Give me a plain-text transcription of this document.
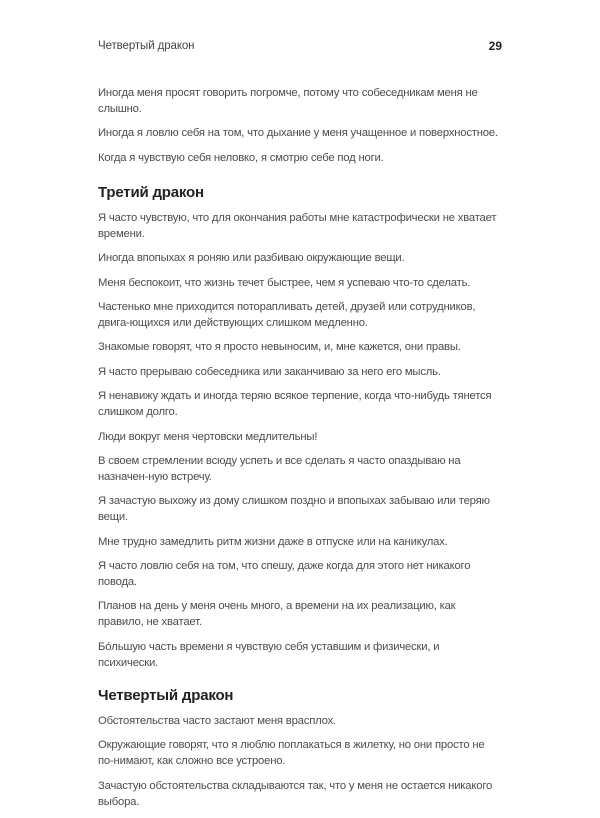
Четвертый дракон	29

Иногда меня просят говорить погромче, потому что собеседникам меня не слышно.

Иногда я ловлю себя на том, что дыхание у меня учащенное и поверхностное.

Когда я чувствую себя неловко, я смотрю себе под ноги.

Третий дракон

Я часто чувствую, что для окончания работы мне катастрофически не хватает времени.

Иногда впопыхах я роняю или разбиваю окружающие вещи.

Меня беспокоит, что жизнь течет быстрее, чем я успеваю что-то сделать.

Частенько мне приходится поторапливать детей, друзей или сотрудников, двига-ющихся или действующих слишком медленно.

Знакомые говорят, что я просто невыносим, и, мне кажется, они правы.

Я часто прерываю собеседника или заканчиваю за него его мысль.

Я ненавижу ждать и иногда теряю всякое терпение, когда что-нибудь тянется слишком долго.

Люди вокруг меня чертовски медлительны!

В своем стремлении всюду успеть и все сделать я часто опаздываю на назначен-ную встречу.

Я зачастую выхожу из дому слишком поздно и впопыхах забываю или теряю вещи.

Мне трудно замедлить ритм жизни даже в отпуске или на каникулах.

Я часто ловлю себя на том, что спешу, даже когда для этого нет никакого повода.

Планов на день у меня очень много, а времени на их реализацию, как правило, не хватает.

Бо́льшую часть времени я чувствую себя уставшим и физически, и психически.

Четвертый дракон

Обстоятельства часто застают меня врасплох.

Окружающие говорят, что я люблю поплакаться в жилетку, но они просто не по-нимают, как сложно все устроено.

Зачастую обстоятельства складываются так, что у меня не остается никакого выбора.
